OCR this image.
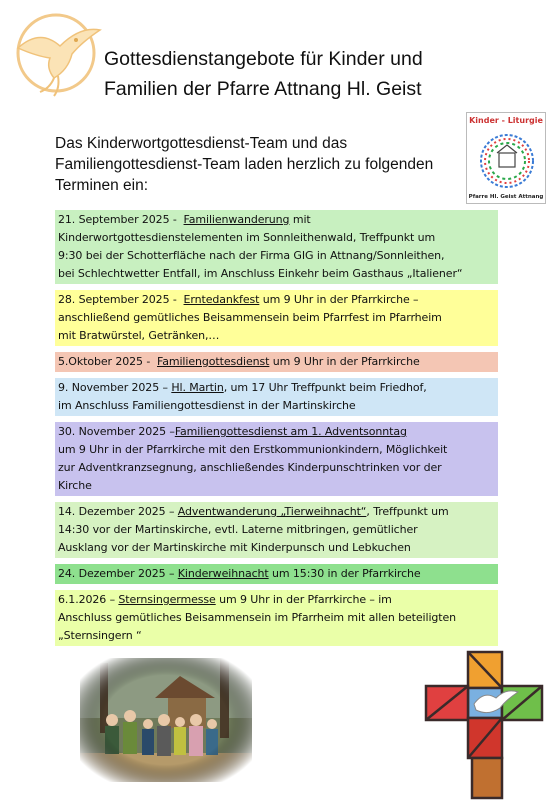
Gottesdienstangebote für Kinder und
Familien der Pfarre Attnang Hl. Geist
Kinder - Liturgie
Pfarre Hl. Geist Attnang
Das Kinderwortgottesdienst-Team und das
Familiengottesdienst-Team laden herzlich zu folgenden
Terminen ein:
21. September 2025 - Familienwanderung mit
Kinderwortgottesdienstelementen im Sonnleithenwald, Treffpunkt um
9:30 bei der Schotterfläche nach der Firma GIG in Attnang/Sonnleithen,
bei Schlechtwetter Entfall, im Anschluss Einkehr beim Gasthaus „Italiener“
28. September 2025 - Erntedankfest um 9 Uhr in der Pfarrkirche –
anschließend gemütliches Beisammensein beim Pfarrfest im Pfarrheim
mit Bratwürstel, Getränken,…
5.Oktober 2025 - Familiengottesdienst um 9 Uhr in der Pfarrkirche
9. November 2025 – Hl. Martin, um 17 Uhr Treffpunkt beim Friedhof,
im Anschluss Familiengottesdienst in der Martinskirche
30. November 2025 –Familiengottesdienst am 1. Adventsonntag
um 9 Uhr in der Pfarrkirche mit den Erstkommunionkindern, Möglichkeit
zur Adventkranzsegnung, anschließendes Kinderpunschtrinken vor der
Kirche
14. Dezember 2025 – Adventwanderung „Tierweihnacht“, Treffpunkt um
14:30 vor der Martinskirche, evtl. Laterne mitbringen, gemütlicher
Ausklang vor der Martinskirche mit Kinderpunsch und Lebkuchen
24. Dezember 2025 – Kinderweihnacht um 15:30 in der Pfarrkirche
6.1.2026 – Sternsingermesse um 9 Uhr in der Pfarrkirche – im
Anschluss gemütliches Beisammensein im Pfarrheim mit allen beteiligten
„Sternsingern “
